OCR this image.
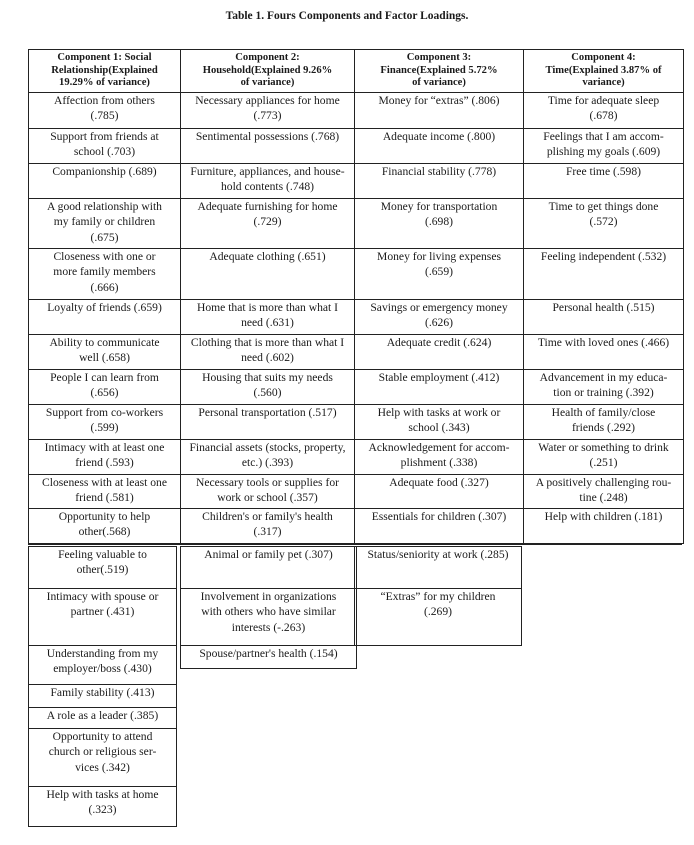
Table 1. Fours Components and Factor Loadings.
Component 1: Social
Relationship(Explained
19.29% of variance)
Affection from others
(.785)
Support from friends at
school (.703)
Companionship (.689)
A good relationship with
my family or children
(.675)
Closeness with one or
more family members
(.666)
Loyalty of friends (.659)
Ability to communicate
well (.658)
People I can learn from
(.656)
Support from co-workers
(.599)
Intimacy with at least one
friend (.593)
Closeness with at least one
friend (.581)
Opportunity to help
other(.568)
Feeling valuable to
other(.519)
Intimacy with spouse or
partner (.431)
Understanding from my
employer/boss (.430)
Family stability (.413)
A role as a leader (.385)
Opportunity to attend
church or religious ser-
vices (.342)
Help with tasks at home
(.323)
Component 2:
Household(Explained 9.26%
of variance)
Necessary appliances for home
(.773)
Sentimental possessions (.768)
Furniture, appliances, and house-
hold contents (.748)
Adequate furnishing for home
(.729)
Adequate clothing (.651)
Home that is more than what I
need (.631)
Clothing that is more than what I
need (.602)
Housing that suits my needs
(.560)
Personal transportation (.517)
Financial assets (stocks, property,
etc.) (.393)
Necessary tools or supplies for
work or school (.357)
Children's or family's health
(.317)
Animal or family pet (.307)
Involvement in organizations
with others who have similar
interests (-.263)
Spouse/partner's health (.154)
Component 3:
Finance(Explained 5.72%
of variance)
Money for “extras” (.806)
Adequate income (.800)
Financial stability (.778)
Money for transportation
(.698)
Money for living expenses
(.659)
Savings or emergency money
(.626)
Adequate credit (.624)
Stable employment (.412)
Help with tasks at work or
school (.343)
Acknowledgement for accom-
plishment (.338)
Adequate food (.327)
Essentials for children (.307)
Status/seniority at work (.285)
“Extras” for my children
(.269)
Component 4:
Time(Explained 3.87% of
variance)
Time for adequate sleep
(.678)
Feelings that I am accom-
plishing my goals (.609)
Free time (.598)
Time to get things done
(.572)
Feeling independent (.532)
Personal health (.515)
Time with loved ones (.466)
Advancement in my educa-
tion or training (.392)
Health of family/close
friends (.292)
Water or something to drink
(.251)
A positively challenging rou-
tine (.248)
Help with children (.181)
